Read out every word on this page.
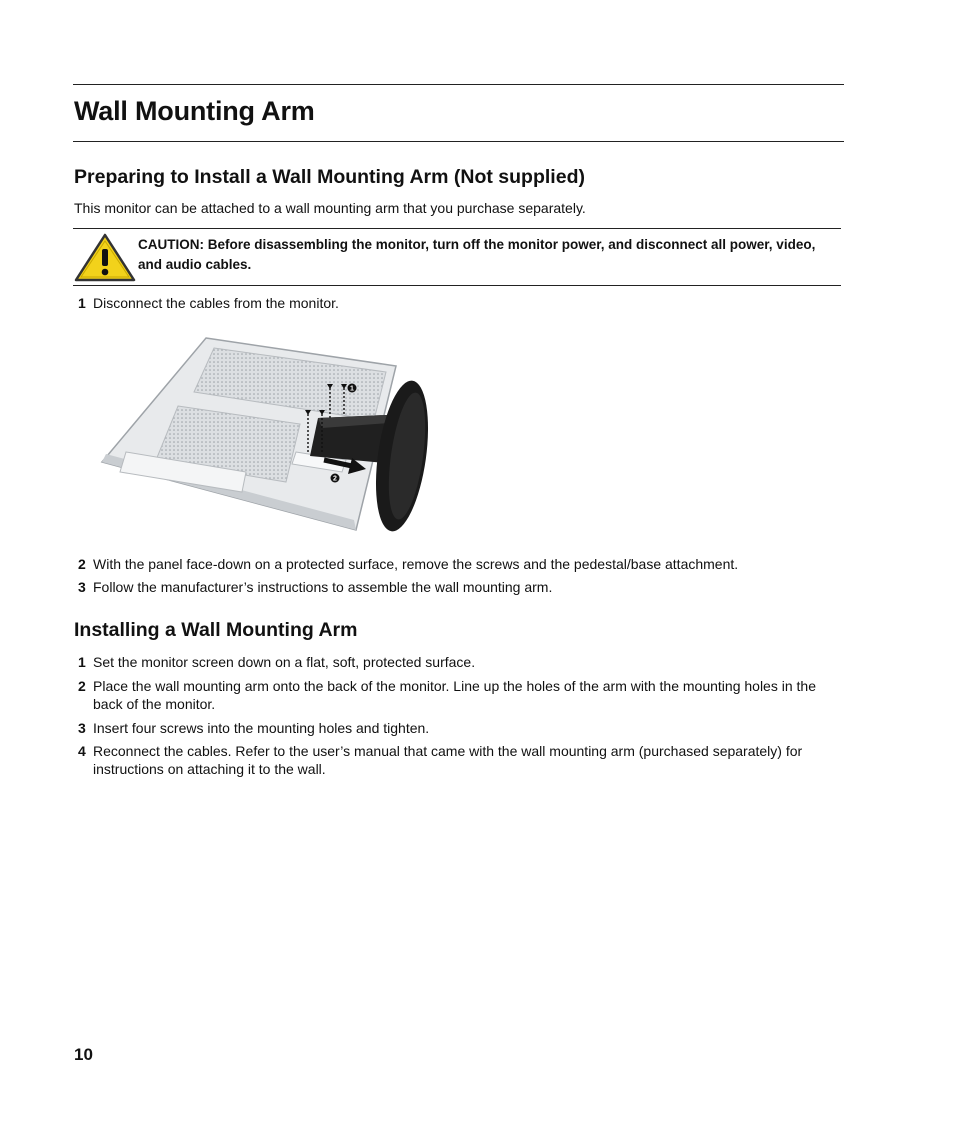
Wall Mounting Arm
Preparing to Install a Wall Mounting Arm (Not supplied)

This monitor can be attached to a wall mounting arm that you purchase separately.

CAUTION: Before disassembling the monitor, turn off the monitor power, and disconnect all power, video, and audio cables.

1 Disconnect the cables from the monitor.

1
2

2 With the panel face-down on a protected surface, remove the screws and the pedestal/base attachment.

3 Follow the manufacturer’s instructions to assemble the wall mounting arm.

Installing a Wall Mounting Arm

1 Set the monitor screen down on a flat, soft, protected surface.

2 Place the wall mounting arm onto the back of the monitor. Line up the holes of the arm with the mounting holes in the back of the monitor.

3 Insert four screws into the mounting holes and tighten.

4 Reconnect the cables. Refer to the user’s manual that came with the wall mounting arm (purchased separately) for instructions on attaching it to the wall.

10
